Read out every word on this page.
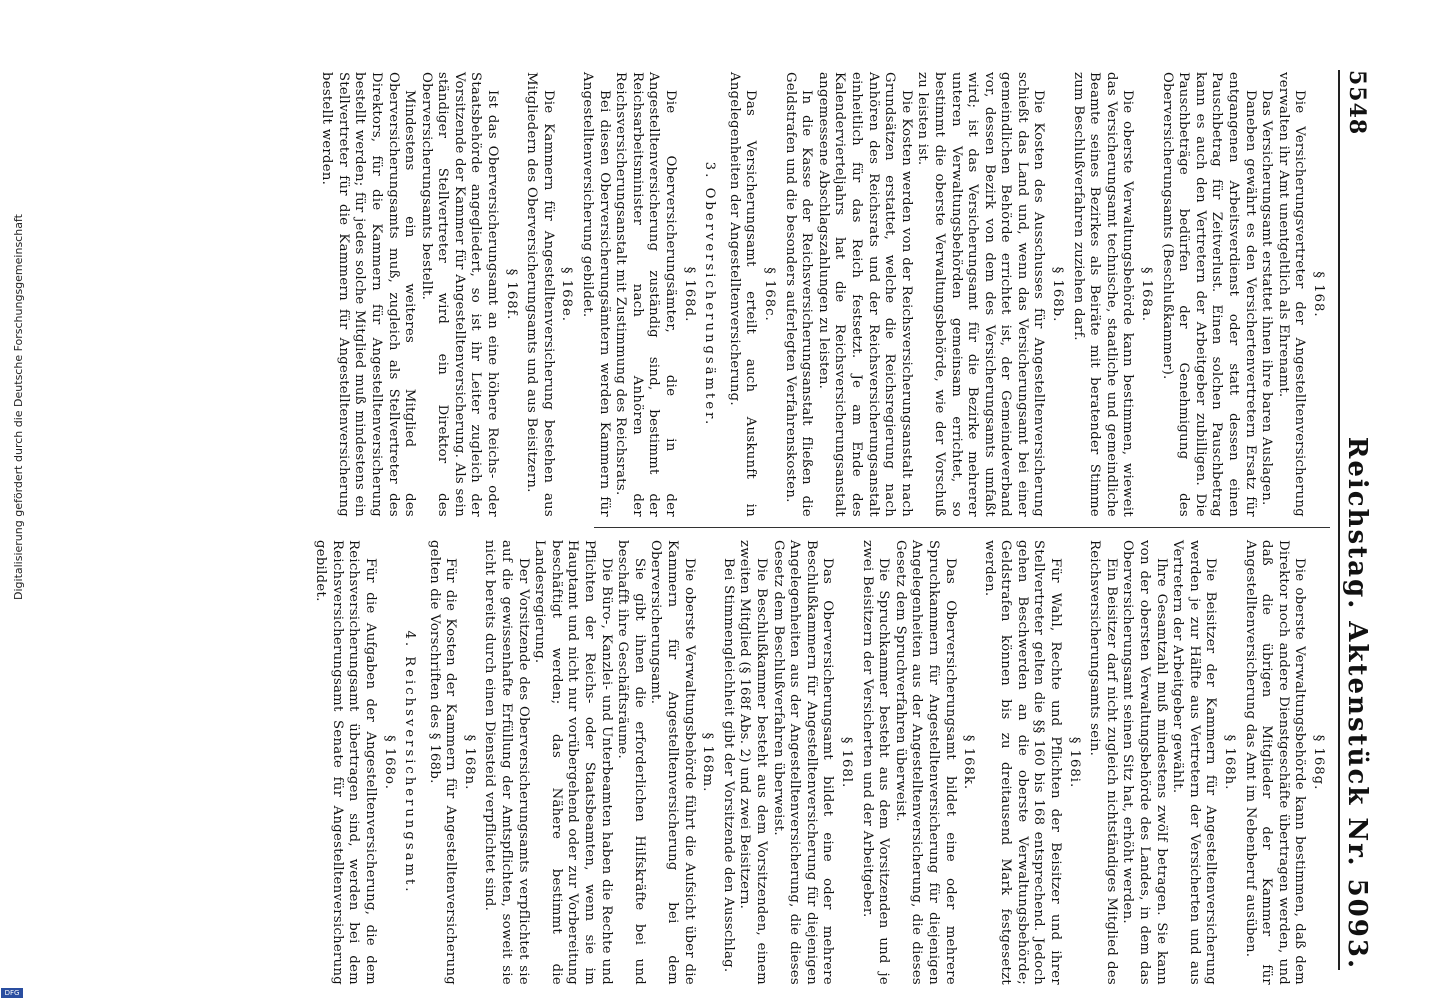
5548
Reichstag. Aktenstück Nr. 5093.
§ 168.
Die Versicherungsvertreter der Angestelltenversicherung verwalten ihr Amt unentgeltlich als Ehrenamt.
Das Versicherungsamt erstattet ihnen ihre baren Auslagen.
Daneben gewährt es den Versichertenvertretern Ersatz für entgangenen Arbeitsverdienst oder statt dessen einen Pauschbetrag für Zeitverlust. Einen solchen Pauschbetrag kann es auch den Vertretern der Arbeitgeber zubilligen. Die Pauschbeträge bedürfen der Genehmigung des Oberversicherungsamts (Beschlußkammer).
§ 168a.
Die oberste Verwaltungsbehörde kann bestimmen, wieweit das Versicherungsamt technische, staatliche und gemeindliche Beamte seines Bezirkes als Beiräte mit beratender Stimme zum Beschlußverfahren zuziehen darf.
§ 168b.
Die Kosten des Ausschusses für Angestelltenversicherung schießt das Land und, wenn das Versicherungsamt bei einer gemeindlichen Behörde errichtet ist, der Gemeindeverband vor, dessen Bezirk von dem des Versicherungsamts umfaßt wird; ist das Versicherungsamt für die Bezirke mehrerer unteren Verwaltungsbehörden gemeinsam errichtet, so bestimmt die oberste Verwaltungsbehörde, wie der Vorschuß zu leisten ist.
Die Kosten werden von der Reichsversicherungsanstalt nach Grundsätzen erstattet, welche die Reichsregierung nach Anhören des Reichsrats und der Reichsversicherungsanstalt einheitlich für das Reich festsetzt. Je am Ende des Kalendervierteljahrs hat die Reichsversicherungsanstalt angemessene Abschlagszahlungen zu leisten.
In die Kasse der Reichsversicherungsanstalt fließen die Geldstrafen und die besonders auferlegten Verfahrenskosten.
§ 168c.
Das Versicherungsamt erteilt auch Auskunft in Angelegenheiten der Angestelltenversicherung.
3. Oberversicherungsämter.
§ 168d.
Die Oberversicherungsämter, die in der Angestelltenversicherung zuständig sind, bestimmt der Reichsarbeitsminister nach Anhören der Reichsversicherungsanstalt mit Zustimmung des Reichsrats.
Bei diesen Oberversicherungsämtern werden Kammern für Angestelltenversicherung gebildet.
§ 168e.
Die Kammern für Angestelltenversicherung bestehen aus Mitgliedern des Oberversicherungsamts und aus Beisitzern.
§ 168f.
Ist das Oberversicherungsamt an eine höhere Reichs- oder Staatsbehörde angegliedert, so ist ihr Leiter zugleich der Vorsitzende der Kammer für Angestelltenversicherung. Als sein ständiger Stellvertreter wird ein Direktor des Oberversicherungsamts bestellt.
Mindestens ein weiteres Mitglied des Oberversicherungsamts muß, zugleich als Stellvertreter des Direktors, für die Kammern für Angestelltenversicherung bestellt werden; für jedes solche Mitglied muß mindestens ein Stellvertreter für die Kammern für Angestelltenversicherung bestellt werden.
§ 168g.
Die oberste Verwaltungsbehörde kann bestimmen, daß dem Direktor noch andere Dienstgeschäfte übertragen werden, und daß die übrigen Mitglieder der Kammer für Angestelltenversicherung das Amt im Nebenberuf ausüben.
§ 168h.
Die Beisitzer der Kammern für Angestelltenversicherung werden je zur Hälfte aus Vertretern der Versicherten und aus Vertretern der Arbeitgeber gewählt.
Ihre Gesamtzahl muß mindestens zwölf betragen. Sie kann von der obersten Verwaltungsbehörde des Landes, in dem das Oberversicherungsamt seinen Sitz hat, erhöht werden.
Ein Beisitzer darf nicht zugleich nichtständiges Mitglied des Reichsversicherungsamts sein.
§ 168i.
Für Wahl, Rechte und Pflichten der Beisitzer und ihrer Stellvertreter gelten die §§ 160 bis 168 entsprechend. Jedoch gehen Beschwerden an die oberste Verwaltungsbehörde; Geldstrafen können bis zu dreitausend Mark festgesetzt werden.
§ 168k.
Das Oberversicherungsamt bildet eine oder mehrere Spruchkammern für Angestelltenversicherung für diejenigen Angelegenheiten aus der Angestelltenversicherung, die dieses Gesetz dem Spruchverfahren überweist.
Die Spruchkammer besteht aus dem Vorsitzenden und je zwei Beisitzern der Versicherten und der Arbeitgeber.
§ 168l.
Das Oberversicherungsamt bildet eine oder mehrere Beschlußkammern für Angestelltenversicherung für diejenigen Angelegenheiten aus der Angestelltenversicherung, die dieses Gesetz dem Beschlußverfahren überweist.
Die Beschlußkammer besteht aus dem Vorsitzenden, einem zweiten Mitglied (§ 168f Abs. 2) und zwei Beisitzern.
Bei Stimmengleichheit gibt der Vorsitzende den Ausschlag.
§ 168m.
Die oberste Verwaltungsbehörde führt die Aufsicht über die Kammern für Angestelltenversicherung bei dem Oberversicherungsamt.
Sie gibt ihnen die erforderlichen Hilfskräfte bei und beschafft ihre Geschäftsräume.
Die Büro-, Kanzlei- und Unterbeamten haben die Rechte und Pflichten der Reichs- oder Staatsbeamten, wenn sie im Hauptamt und nicht nur vorübergehend oder zur Vorbereitung beschäftigt werden; das Nähere bestimmt die Landesregierung.
Der Vorsitzende des Oberversicherungsamts verpflichtet sie auf die gewissenhafte Erfüllung der Amtspflichten, soweit sie nicht bereits durch einen Diensteid verpflichtet sind.
§ 168n.
Für die Kosten der Kammern für Angestelltenversicherung gelten die Vorschriften des § 168b.
4. Reichsversicherungsamt.
§ 168o.
Für die Aufgaben der Angestelltenversicherung, die dem Reichsversicherungsamt übertragen sind, werden bei dem Reichsversicherungsamt Senate für Angestelltenversicherung gebildet.
Digitalisierung gefördert durch die Deutsche Forschungsgemeinschaft
DFG
